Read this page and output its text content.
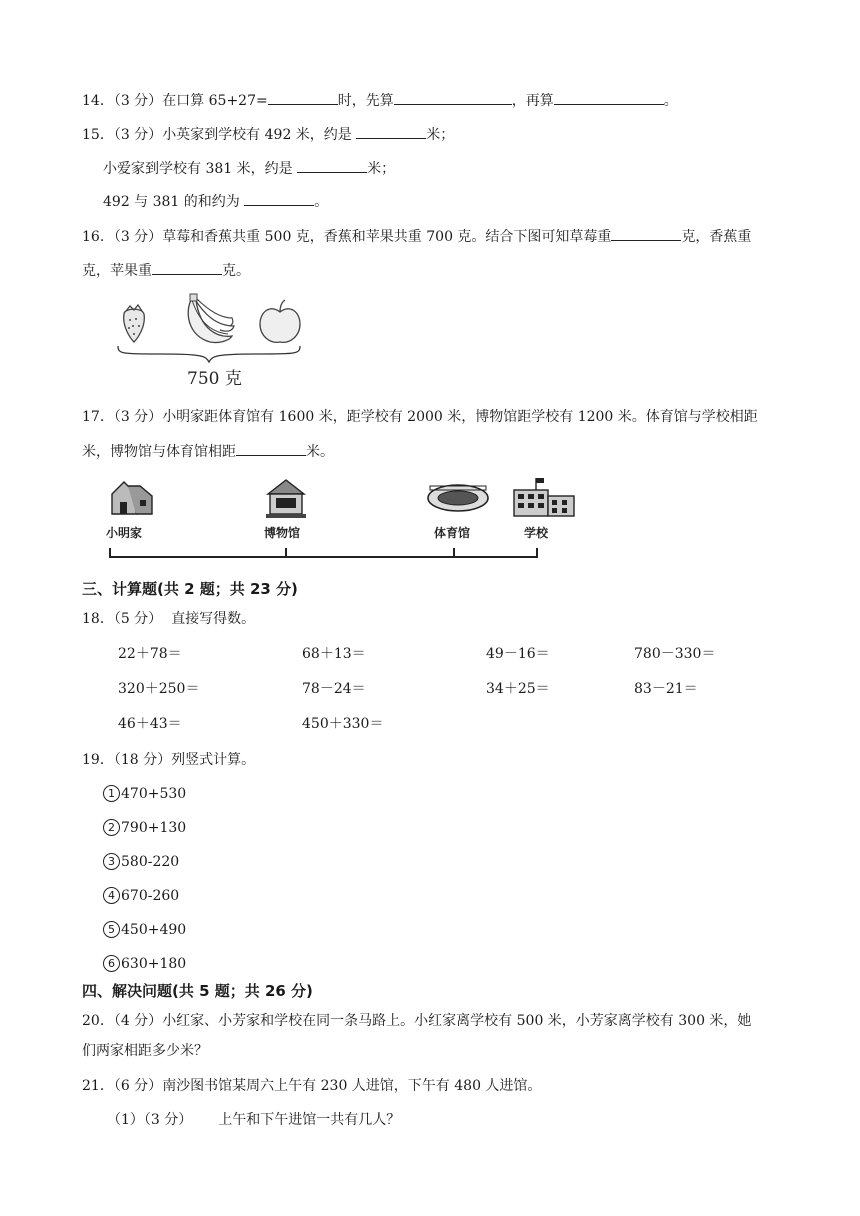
14．（3 分）在口算 65+27=	时，先算	，再算	。
15．（3 分）小英家到学校有 492 米，约是	米；
小爱家到学校有 381 米，约是	米；
492 与 381 的和约为	。
16．（3 分）草莓和香蕉共重 500 克，香蕉和苹果共重 700 克。结合下图可知草莓重	克，香蕉重
克，苹果重	克。
750 克
17．（3 分）小明家距体育馆有 1600 米，距学校有 2000 米，博物馆距学校有 1200 米。体育馆与学校相距
米，博物馆与体育馆相距	米。
小明家	博物馆	体育馆	学校
三、计算题(共 2 题；共 23 分)
18．（5 分） 直接写得数。
22＋78＝	68＋13＝	49－16＝	780－330＝
320＋250＝	78－24＝	34＋25＝	83－21＝
46＋43＝	450＋330＝
19．（18 分）列竖式计算。
1 470+530
2 790+130
3 580-220
4 670-260
5 450+490
6 630+180
四、解决问题(共 5 题；共 26 分)
20．（4 分）小红家、小芳家和学校在同一条马路上。小红家离学校有 500 米，小芳家离学校有 300 米，她
们两家相距多少米？
21．（6 分）南沙图书馆某周六上午有 230 人进馆，下午有 480 人进馆。
（1）（3 分） 上午和下午进馆一共有几人？
